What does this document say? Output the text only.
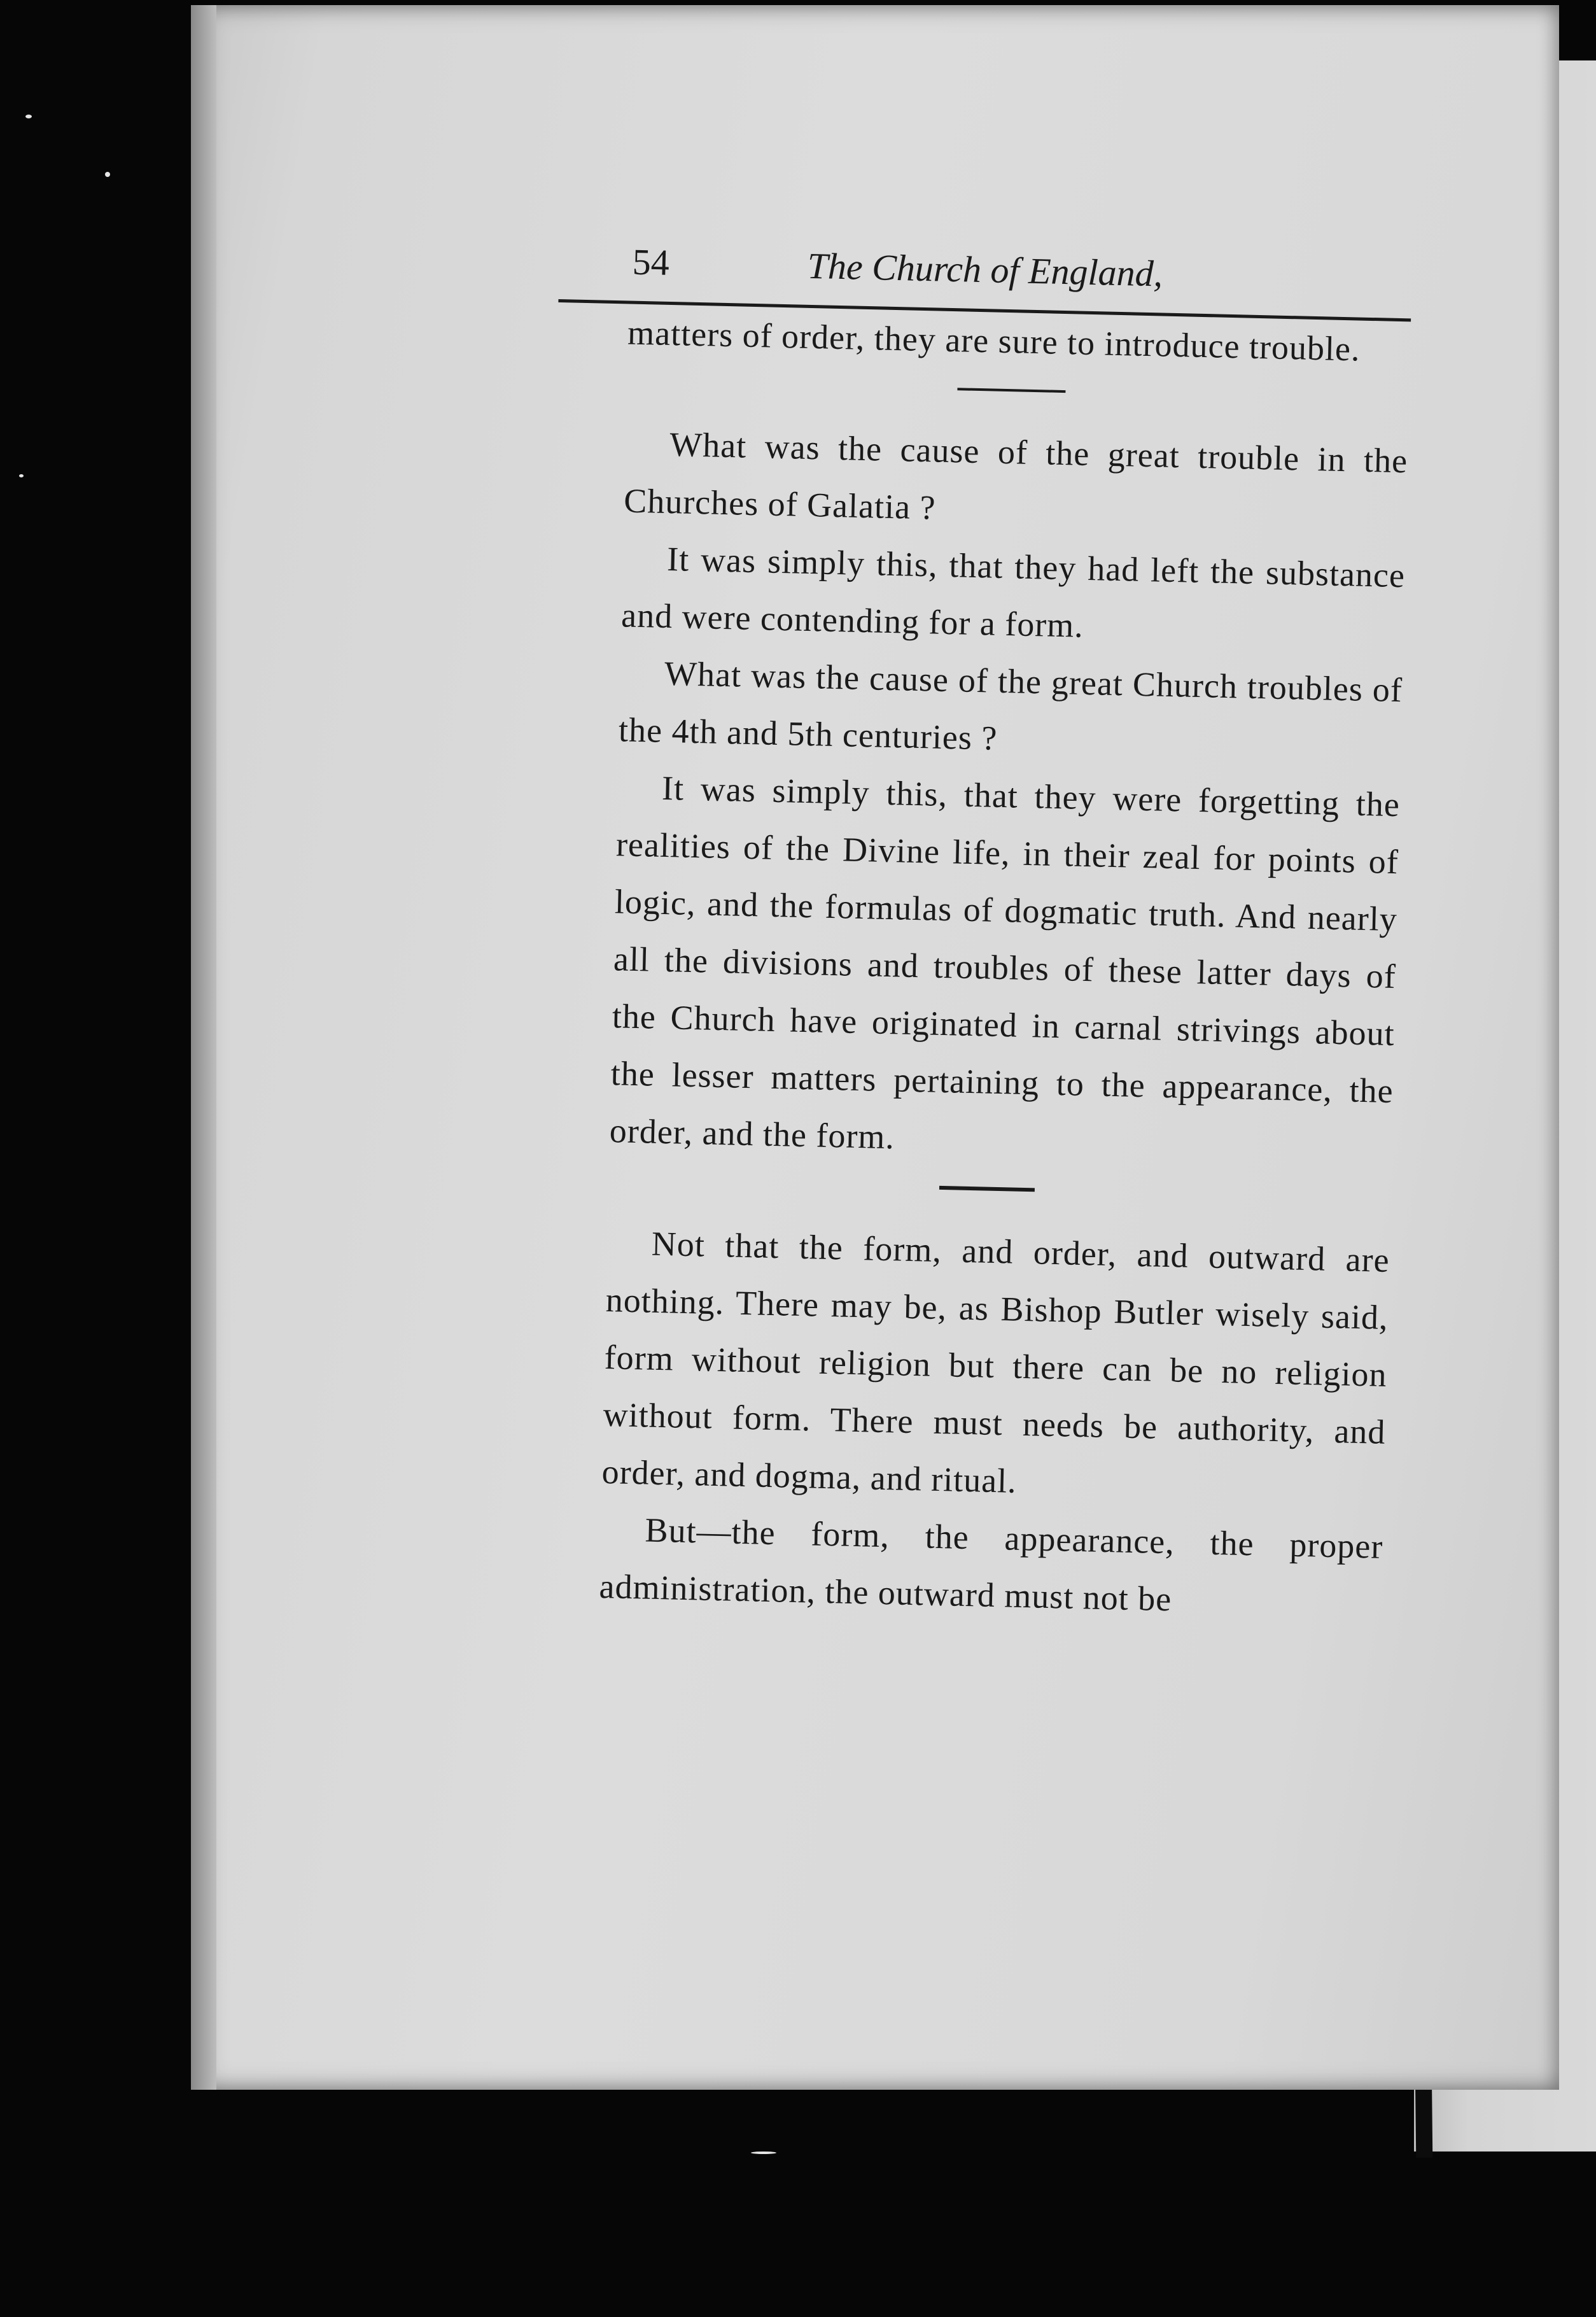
54	The Church of England,

matters of order, they are sure to introduce trouble.

What was the cause of the great trouble in the Churches of Galatia ?

It was simply this, that they had left the substance and were contending for a form.

What was the cause of the great Church troubles of the 4th and 5th centuries ?

It was simply this, that they were forgetting the realities of the Divine life, in their zeal for points of logic, and the formulas of dogmatic truth. And nearly all the divisions and troubles of these latter days of the Church have originated in carnal strivings about the lesser matters pertaining to the appearance, the order, and the form.

Not that the form, and order, and outward are nothing. There may be, as Bishop Butler wisely said, form without religion but there can be no religion without form. There must needs be authority, and order, and dogma, and ritual.

But—the form, the appearance, the proper administration, the outward must not be
